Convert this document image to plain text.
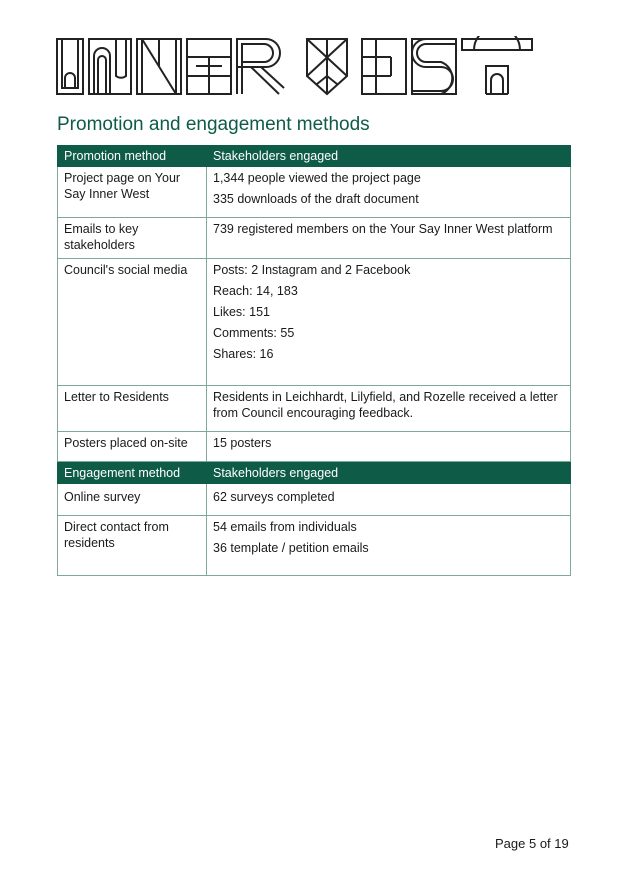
Promotion and engagement methods
Promotion method	Stakeholders engaged
Project page on Your Say Inner West	1,344 people viewed the project page

335 downloads of the draft document

Emails to key stakeholders	739 registered members on the Your Say Inner West platform

Council's social media	Posts: 2 Instagram and 2 Facebook

Reach: 14, 183

Likes: 151

Comments: 55

Shares: 16

Letter to Residents	Residents in Leichhardt, Lilyfield, and Rozelle received a letter from Council encouraging feedback.

Posters placed on-site	15 posters

Engagement method	Stakeholders engaged
Online survey	62 surveys completed

Direct contact from residents	54 emails from individuals

36 template / petition emails

Page 5 of 19
